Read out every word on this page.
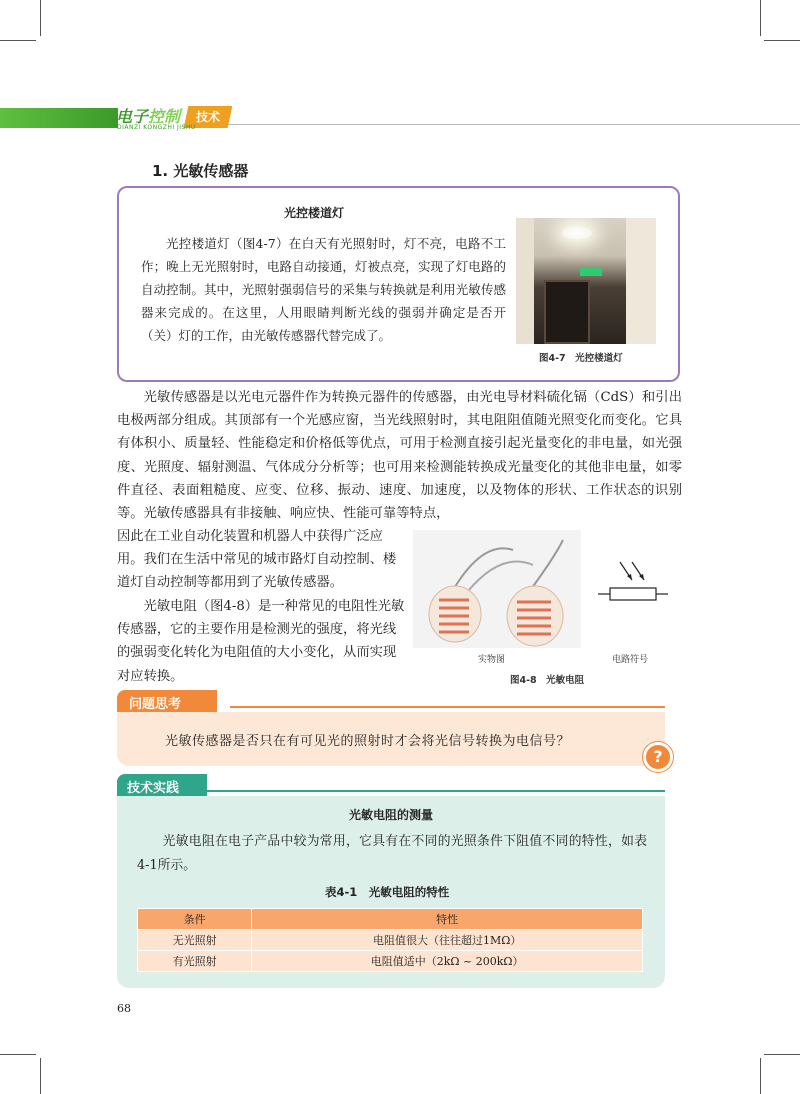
电子控制	技术
DIANZI KONGZHI JISHU
1. 光敏传感器
光控楼道灯
光控楼道灯（图4-7）在白天有光照射时，灯不亮，电路不工作；晚上无光照射时，电路自动接通，灯被点亮，实现了灯电路的自动控制。其中，光照射强弱信号的采集与转换就是利用光敏传感器来完成的。在这里，人用眼睛判断光线的强弱并确定是否开（关）灯的工作，由光敏传感器代替完成了。
图4-7　光控楼道灯
光敏传感器是以光电元器件作为转换元器件的传感器，由光电导材料硫化镉（CdS）和引出电极两部分组成。其顶部有一个光感应窗，当光线照射时，其电阻阻值随光照变化而变化。它具有体积小、质量轻、性能稳定和价格低等优点，可用于检测直接引起光量变化的非电量，如光强度、光照度、辐射测温、气体成分分析等；也可用来检测能转换成光量变化的其他非电量，如零件直径、表面粗糙度、应变、位移、振动、速度、加速度，以及物体的形状、工作状态的识别等。光敏传感器具有非接触、响应快、性能可靠等特点，
因此在工业自动化装置和机器人中获得广泛应用。我们在生活中常见的城市路灯自动控制、楼道灯自动控制等都用到了光敏传感器。
光敏电阻（图4-8）是一种常见的电阻性光敏传感器，它的主要作用是检测光的强度，将光线的强弱变化转化为电阻值的大小变化，从而实现对应转换。
实物图	电路符号
图4-8　光敏电阻
问题思考
光敏传感器是否只在有可见光的照射时才会将光信号转换为电信号？
?
技术实践
光敏电阻的测量
光敏电阻在电子产品中较为常用，它具有在不同的光照条件下阻值不同的特性，如表4-1所示。
表4-1　光敏电阻的特性
条件	特性
无光照射	电阻值很大（往往超过1MΩ）
有光照射	电阻值适中（2kΩ ~ 200kΩ）
68
